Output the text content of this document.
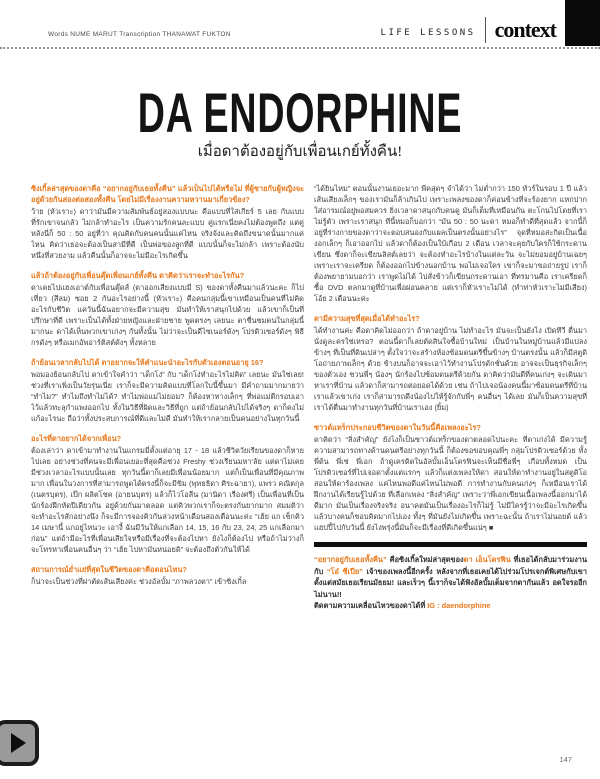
Words NUME MARUT Transcription THANAWAT FUKTON	LIFE LESSONS context
DA ENDORPHINE
เมื่อดาต้องอยู่กับเพื่อนเกย์ทั้งคืน!
ซิงเกิ้ลล่าสุดของดาคือ “อยากอยู่กับเธอทั้งคืน” แล้วเป็นไปได้หรือไม่ ที่ผู้ชายกับผู้หญิงจะอยู่ด้วยกันสองต่อสองทั้งคืน โดยไม่มีเรื่องงานความหวานมาเกี่ยวข้อง?

ว้าย (หัวเราะ) ดาว่ามันมีความสัมพันธ์อยู่สองแบบนะ คือแบบที่ใส่เกียร์ 5 เลย กับแบบที่รักเขาจนกลัว ไม่กล้าทำอะไร เป็นความรักคนละแบบ คู่แรกเนี่ยคงไม่ต้องพูดถึง แต่คู่หลังนี่ก็ 50 : 50 อยู่ที่ว่า คุณคิดกับคนคนนั้นแค่ไหน จริงจังและคิดถึงขนาดนั้นมากแค่ไหน คิดว่าเธอจะต้องเป็นสามีที่ดี เป็นพ่อของลูกที่ดี แบบนั้นก็จะไม่กล้า เพราะต้องนับหนึ่งที่สวยงาม แล้วคืนนั้นก็อาจจะไม่มีอะไรเกิดขึ้น

แล้วถ้าต้องอยู่กับเพื่อนตุ๊ดเพื่อนเกย์ทั้งคืน ดาคิดว่าเราจะทำอะไรกัน?

ดาเคยไปแฮงเอาต์กับเพื่อนตุ๊ดส์ (ดาออกเสียงแบบมี S) ของดาทั้งคืนมาแล้วนะคะ ก็ไปเที่ยว (สีลม) ซอย 2 กันอะไรอย่างนี้ (หัวเราะ) คือคนกลุ่มนี้เขาเหมือนเป็นคนที่ไม่คิดอะไรกับชีวิต แค่วันนี้ฉันอยากจะมีความสุข มันทำให้เราสนุกไปด้วย แล้วเขาก็เป็นที่ปรึกษาที่ดี เพราะเป็นได้ทั้งฝ่ายหญิงและฝ่ายชาย พูดตรงๆ เลยนะ ดาชื่นชมคนในกลุ่มนี้มากนะ ดาได้เห็นพวกเขาเก่งๆ กันทั้งนั้น ไม่ว่าจะเป็นดีไซเนอร์ดังๆ โปรดิวเซอร์ดังๆ พิธีกรดังๆ หรือเมกอัพอาร์ติสต์ดังๆ ทั้งหลาย

ถ้าย้อนเวลากลับไปได้ ดาอยากจะให้คำแนะนำอะไรกับตัวเองตอนอายุ 16?

พอมองย้อนกลับไป ดาเข้าใจคำว่า “เด็กโง่” กับ “เด็กโง่ทำอะไรไม่คิด” เลยนะ มันใช่เลย! ช่วงที่เราเพิ่งเป็นวัยรุ่นเนี่ย เราก็จะมีความคิดแบบที่โลกใบนี้ขึ้นมา มีคำถามมากมายว่า “ทำไม?” ทำไมถึงทำไม่ได้? ทำไมพ่อแม่ไม่ยอม? ก็ต้องหาทางเล็กๆ ที่พ่อแม่ตีกรอบเอาไว้แล้วทะลุกำแพงออกไป ทั้งในวิธีที่ผิดและวิธีที่ถูก แต่ถ้าย้อนกลับไปได้จริงๆ ดาก็คงไม่แก้อะไรนะ ถือว่าทั้งประสบการณ์ที่ดีและไม่ดี มันทำให้เรากลายเป็นคนอย่างในทุกวันนี้

อะไรที่ดาอยากได้จากเพื่อน?

ต้องเล่าว่า ดาเข้ามาทำงานในแกรมมี่ตั้งแต่อายุ 17 - 18 แล้วชีวิตวัยเรียนของดาก็หายไปเลย อย่างช่วงที่คนจะมีเพื่อนเยอะที่สุดคือช่วง Freshy ช่วงเรียนมหา'ลัย แต่ดาไม่เคยมีช่วงเวลาอะไรแบบนั้นเลย ทุกวันนี้ดาก็เลยมีเพื่อนน้อยมาก แต่ก็เป็นเพื่อนที่มีคุณภาพมาก เพื่อนในวงการที่สามารถพูดได้ตรงนี้ก็จะมีขิม (พุทธธิดา ศิระฉายา), แพรว คณิตกุล (เนตรบุตร), เป๊ก ผลิตโชค (อายนบุตร) แล้วก็ไวโอลีน (มานิดา เรืองศรี) เป็นเพื่อนที่เป็นนักร้องฝึกหัดปีเดียวกัน อยู่ด้วยกันมาตลอด แต่คิวพวกเราก็จะตรงกันยากมาก สมมติว่าจะทำอะไรสักอย่างนึง ก็จะมีการจองคิวกันล่วงหน้าเดือนสองเดือนนะค่ะ “เฮ้ย แก เช็กคิว 14 เมษานี้ แกอยู่ไหนวะ เอางี้ ฉันมีวันให้แกเลือก 14, 15, 16 กับ 23, 24, 25 แกเลือกมาก่อน” แต่ถ้ามีอะไรที่เพื่อนเสียใจหรือมีเรื่องที่จะต้องไปหา ยังไงก็ต้องไป หรือถ้าไม่ว่างก็จะโทรหาเพื่อนคนอื่นๆ ว่า “เฮ้ย ไปหามันหน่อยดิ” จะต้องถึงตัวกันให้ได้

สถานการณ์ย่ำแย่ที่สุดในชีวิตของดาคือตอนไหน?

ก็น่าจะเป็นช่วงที่ผ่าตัดเส้นเสียงค่ะ ช่วงอัลบั้ม “ภาพลวงตา” เข้าซิงเกิ้ล

“ได้ยินไหม” ตอนนั้นงานเยอะมาก พีคสุดๆ จำได้ว่า ไม่ต่ำกว่า 150 ทัวร์ในรอบ 1 ปี แล้วเส้นเสียงเล็กๆ ของเรามันก็ล้าเกินไป เพราะเพลงของดาก็ค่อนข้างที่จะร้องยาก แหกปาก ใส่อารมณ์อยู่พอสมควร ยิ่งเวลาดาสนุกกับคนดู มันก็เต็มที่เหมือนกัน ตะโกนไปโดยที่เราไม่รู้ตัว เพราะเราสนุก ทีนี้หมอก็บอกว่า “มัน 50 : 50 นะดา หมอก็ทำดีที่สุดแล้ว จากนี้ก็อยู่ที่ร่างกายของดาว่าจะตอบสนองกับแผลเป็นตรงนั้นอย่างไร” จุดที่หมอสะกิดเป็นเนื้องอกเล็กๆ ก็เอาออกไป แล้วดาก็ต้องเป็นใบ้เกือบ 2 เดือน เวลาจะคุยกับใครก็ใช้กระดานเขียน ซึ่งดาก็จะเขียนลิสต์เลยว่า จะต้องทำอะไรบ้างในแต่ละวัน จะไม่ยอมอยู่บ้านเฉยๆ เพราะเราจะเครียด ก็ต้องออกไปข้างนอกบ้าน พอไม่เจอใคร เขาก็จะมาขอถ่ายรูป เราก็ต้องพยายามบอกว่า เราพูดไม่ได้ ไปสั่งข้าวก็เขียนกระดานเอา ที่ทรมานคือ เราเครียดก็ซื้อ DVD ตลกมาดูที่บ้านเพื่อผ่อนคลาย แต่เราก็หัวเราะไม่ได้ (ทำท่าหัวเราะไม่มีเสียง) โอ้ย 2 เดือนนะค่ะ

ดามีความสุขที่สุดเมื่อได้ทำอะไร?

ได้ทำงานค่ะ คือดาคิดไม่ออกว่า ถ้าดาอยู่บ้าน ไม่ทำอะไร มันจะเป็นยังไง เปิดทีวี ตื่นมานั่งดูละครใช่เหรอ? ตอนนี้ดาก็เลยตัดสินใจซื้อบ้านใหม่ เป็นบ้านในหมู่บ้านแล้วมีแปลงข้างๆ ที่เป็นที่ดินเปล่าๆ ตั้งใจว่าจะสร้างห้องซ้อมดนตรีขึ้นข้างๆ บ้านตรงนั้น แล้วก็มีสตูดิโอถ่ายภาพเล็กๆ ด้วย ข้างบนก็อาจจะเอาไว้ทำงานโปรดักชั่นด้วย อาจจะเป็นธุรกิจเล็กๆ ของตัวเอง ชวนพี่ๆ น้องๆ นักร้องไปซ้อมดนตรีด้วยกัน ดาคิดว่ามันดีที่คนเก่งๆ จะเดินมาหาเราที่บ้าน แล้วดาก็สามารถต่อยอดได้ด้วย เช่น ถ้าไปเจอน้องคนนี้มาซ้อมดนตรีที่บ้านเราแล้วเขาเก่ง เราก็สามารถดึงน้องไปให้รู้จักกับพี่ๆ คนอื่นๆ ได้เลย มันก็เป็นความสุขที่เราได้ตื่นมาทำงานทุกวันที่บ้านเราเอง (ยิ้ม)

ซาวด์แทร็กประกอบชีวิตของดาในวันนี้คือเพลงอะไร?

ดาคิดว่า “สิ่งสำคัญ” ยังไงก็เป็นซาวด์แทร็กของดาตลอดไปนะคะ ที่ดาเก่งได้ มีความรู้ความสามารถทางด้านดนตรีอย่างทุกวันนี้ ก็ต้องขอขอบคุณพี่ๆ กลุ่มโปรดิวเซอร์ด้วย ทั้งพี่ต้น พี่เช่ พี่เอก ถ้าดูเครดิตในอัลบั้มเอ็นโดรฟินจะเห็นมีชื่อพี่ๆ เกือบทั้งหมด เป็นโปรดิวเซอร์ที่ไปเจอดาตั้งแต่แรกๆ แล้วก็แต่งเพลงให้ดา สอนให้ดาทำงานอยู่ในสตูดิโอ สอนให้ดาร้องเพลง แค่ไหนพอดีแค่ไหนไม่พอดี การทำงานกับคนเก่งๆ ก็เหมือนเราได้ฝึกงานได้เรียนรู้ไปด้วย ที่เลือกเพลง “สิ่งสำคัญ” เพราะว่าพี่เอกเขียนเนื้อเพลงนี้ออกมาได้ดีมาก มันเป็นเรื่องจริงจริง อนาคตมันเป็นเรื่องอะไรก็ไม่รู้ ไม่มีใครรู้ว่าจะมีอะไรเกิดขึ้น แล้วบางคนก็ชอบคิดมากไปเอง ทั้งๆ ที่มันยังไม่เกิดขึ้น เพราะฉะนั้น ถ้าเราไม่นอยด์ แล้วแฮปปี้ไปกับวันนี้ ยังไงพรุ่งนี้มันก็จะมีเรื่องที่ดีเกิดขึ้นแน่ๆ ■

“อยากอยู่กับเธอทั้งคืน” คือซิงเกิ้ลใหม่ล่าสุดของดา เอ็นโดรฟิน ที่เธอได้กลับมาร่วมงานกับ “โอ๋ ซีเปีย” เจ้าของเพลงนี้อีกครั้ง หลังจากที่เธอเคยได้ไปร่วมโปรเจกต์พิเศษกับเขา ตั้งแต่สมัยเธอเรียนมัธยม! และเร็วๆ นี้เราก็จะได้ฟังอัลบั้มเต็มจากดากันแล้ว อดใจรออีกไม่นาน!!

ติดตามความเคลื่อนไหวของดาได้ที่ IG : daendorphine

147
